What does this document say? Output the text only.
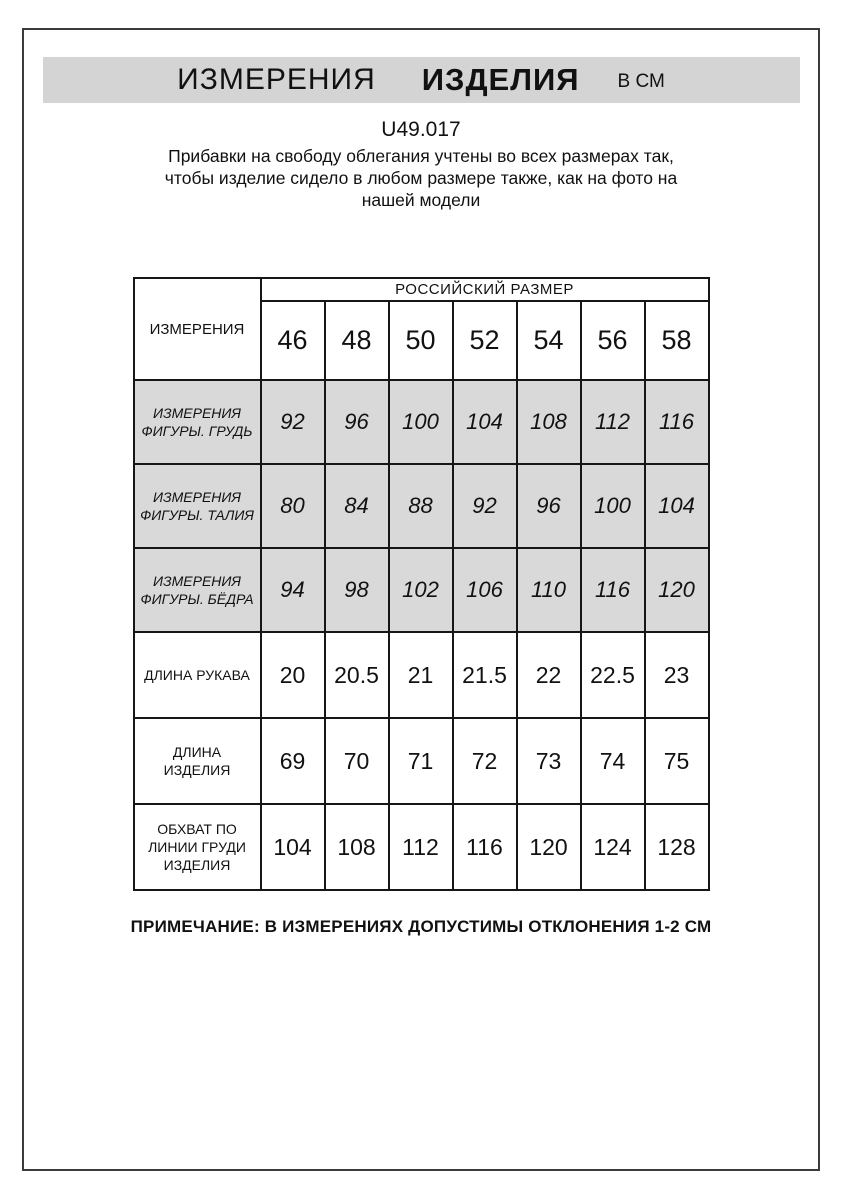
ИЗМЕРЕНИЯ ИЗДЕЛИЯ В СМ
U49.017
Прибавки на свободу облегания учтены во всех размерах так,
чтобы изделие сидело в любом размере также, как на фото на
нашей модели
ИЗМЕРЕНИЯ	РОССИЙСКИЙ РАЗМЕР						
	46	48	50	52	54	56	58
ИЗМЕРЕНИЯ ФИГУРЫ. ГРУДЬ	92	96	100	104	108	112	116
ИЗМЕРЕНИЯ ФИГУРЫ. ТАЛИЯ	80	84	88	92	96	100	104
ИЗМЕРЕНИЯ ФИГУРЫ. БЁДРА	94	98	102	106	110	116	120
ДЛИНА РУКАВА	20	20.5	21	21.5	22	22.5	23
ДЛИНА ИЗДЕЛИЯ	69	70	71	72	73	74	75
ОБХВАТ ПО ЛИНИИ ГРУДИ ИЗДЕЛИЯ	104	108	112	116	120	124	128
ПРИМЕЧАНИЕ: В ИЗМЕРЕНИЯХ ДОПУСТИМЫ ОТКЛОНЕНИЯ 1-2 СМ
